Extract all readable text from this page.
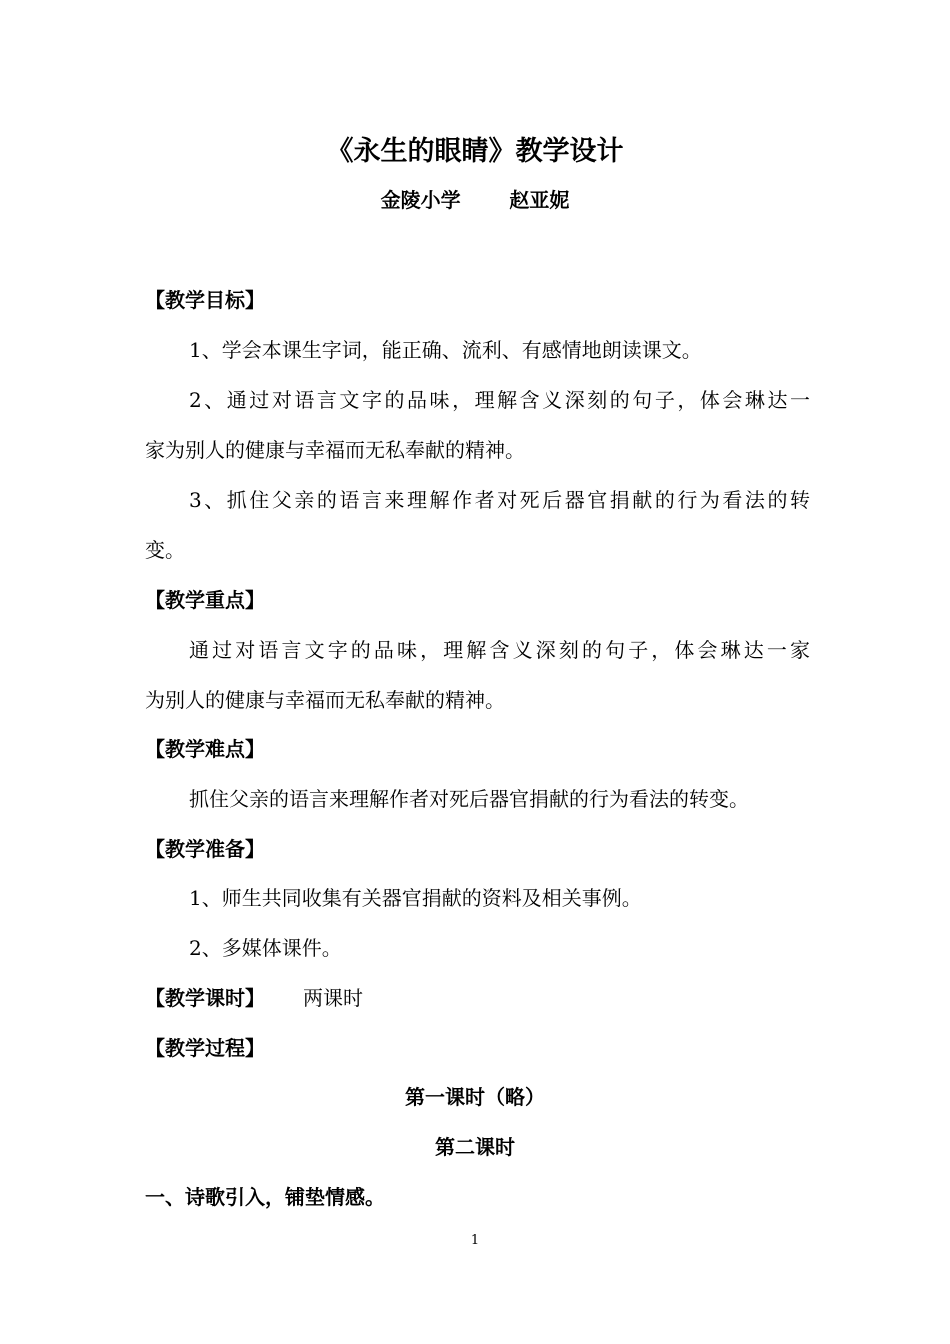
《永生的眼睛》教学设计
金陵小学       赵亚妮
【教学目标】
1、学会本课生字词，能正确、流利、有感情地朗读课文。
2、通过对语言文字的品味，理解含义深刻的句子，体会琳达一
家为别人的健康与幸福而无私奉献的精神。
3、抓住父亲的语言来理解作者对死后器官捐献的行为看法的转
变。
【教学重点】
通过对语言文字的品味，理解含义深刻的句子，体会琳达一家
为别人的健康与幸福而无私奉献的精神。
【教学难点】
抓住父亲的语言来理解作者对死后器官捐献的行为看法的转变。
【教学准备】
1、师生共同收集有关器官捐献的资料及相关事例。
2、多媒体课件。
【教学课时】 两课时
【教学过程】
第一课时（略）
第二课时
一、诗歌引入，铺垫情感。
1
